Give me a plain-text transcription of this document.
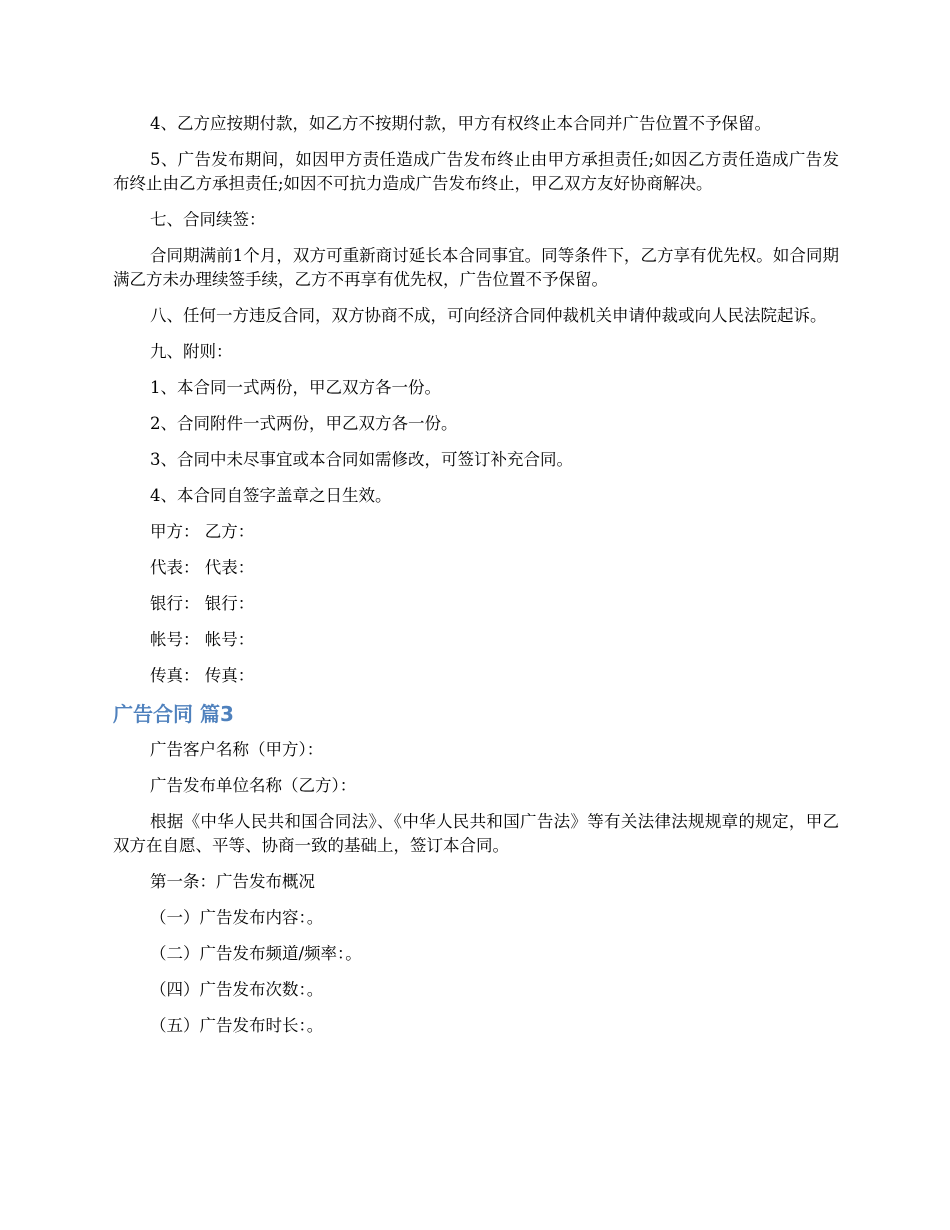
4、乙方应按期付款，如乙方不按期付款，甲方有权终止本合同并广告位置不予保留。

5、广告发布期间，如因甲方责任造成广告发布终止由甲方承担责任;如因乙方责任造成广告发布终止由乙方承担责任;如因不可抗力造成广告发布终止，甲乙双方友好协商解决。

七、合同续签：

合同期满前1个月，双方可重新商讨延长本合同事宜。同等条件下，乙方享有优先权。如合同期满乙方未办理续签手续，乙方不再享有优先权，广告位置不予保留。

八、任何一方违反合同，双方协商不成，可向经济合同仲裁机关申请仲裁或向人民法院起诉。

九、附则：

1、本合同一式两份，甲乙双方各一份。

2、合同附件一式两份，甲乙双方各一份。

3、合同中未尽事宜或本合同如需修改，可签订补充合同。

4、本合同自签字盖章之日生效。

甲方： 乙方：

代表： 代表：

银行： 银行：

帐号： 帐号：

传真： 传真：

广告合同 篇3

广告客户名称（甲方）：

广告发布单位名称（乙方）：

根据《中华人民共和国合同法》、《中华人民共和国广告法》等有关法律法规规章的规定，甲乙双方在自愿、平等、协商一致的基础上，签订本合同。

第一条：广告发布概况

（一）广告发布内容：。

（二）广告发布频道/频率：。

（四）广告发布次数：。

（五）广告发布时长：。
